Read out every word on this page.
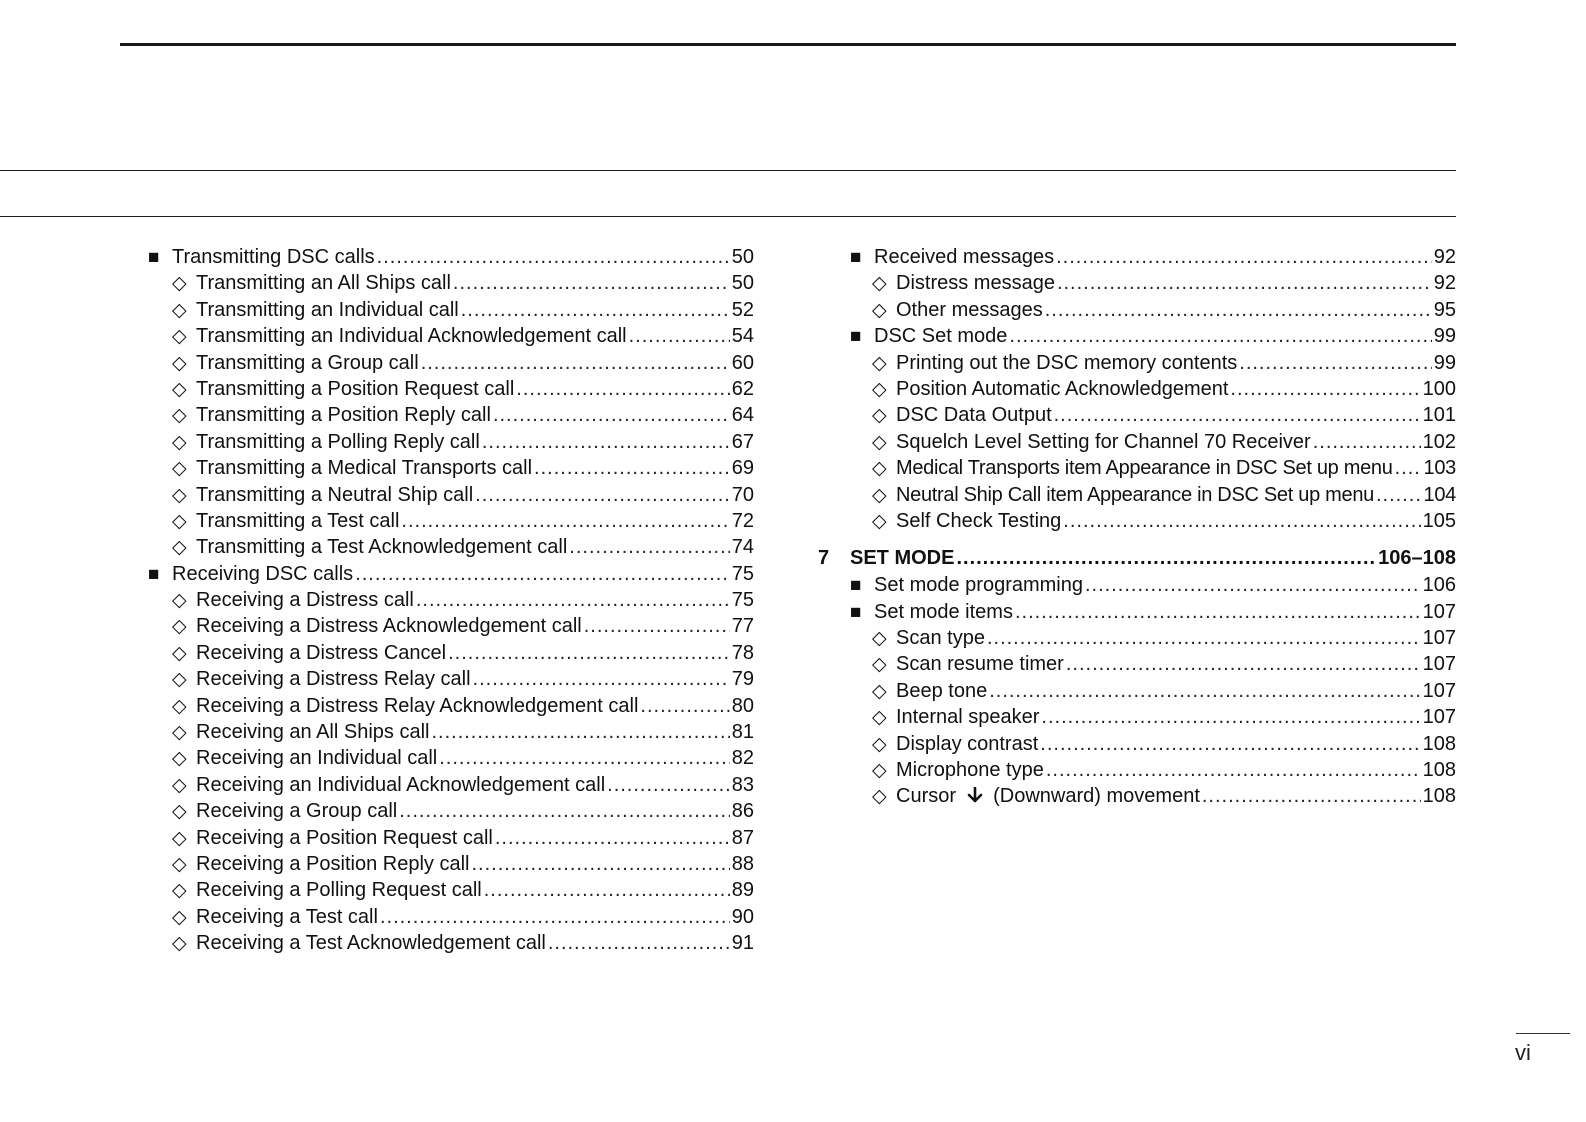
■ Transmitting DSC calls .....	50
◇ Transmitting an All Ships call .....	50
◇ Transmitting an Individual call .....	52
◇ Transmitting an Individual Acknowledgement call .....	54
◇ Transmitting a Group call .....	60
◇ Transmitting a Position Request call .....	62
◇ Transmitting a Position Reply call .....	64
◇ Transmitting a Polling Reply call .....	67
◇ Transmitting a Medical Transports call .....	69
◇ Transmitting a Neutral Ship call .....	70
◇ Transmitting a Test call .....	72
◇ Transmitting a Test Acknowledgement call .....	74
■ Receiving DSC calls .....	75
◇ Receiving a Distress call .....	75
◇ Receiving a Distress Acknowledgement call .....	77
◇ Receiving a Distress Cancel .....	78
◇ Receiving a Distress Relay call .....	79
◇ Receiving a Distress Relay Acknowledgement call .....	80
◇ Receiving an All Ships call .....	81
◇ Receiving an Individual call .....	82
◇ Receiving an Individual Acknowledgement call .....	83
◇ Receiving a Group call .....	86
◇ Receiving a Position Request call .....	87
◇ Receiving a Position Reply call .....	88
◇ Receiving a Polling Request call .....	89
◇ Receiving a Test call .....	90
◇ Receiving a Test Acknowledgement call .....	91
■ Received messages .....	92
◇ Distress message .....	92
◇ Other messages .....	95
■ DSC Set mode .....	99
◇ Printing out the DSC memory contents .....	99
◇ Position Automatic Acknowledgement .....	100
◇ DSC Data Output .....	101
◇ Squelch Level Setting for Channel 70 Receiver .....	102
◇ Medical Transports item Appearance in DSC Set up menu ..... 103
◇ Neutral Ship Call item Appearance in DSC Set up menu ..... 104
◇ Self Check Testing .....	105
7	SET MODE .....	106–108
■ Set mode programming .....	106
■ Set mode items .....	107
◇ Scan type .....	107
◇ Scan resume timer .....	107
◇ Beep tone .....	107
◇ Internal speaker .....	107
◇ Display contrast .....	108
◇ Microphone type .....	108
◇ Cursor (Downward) movement .....	108
vi
